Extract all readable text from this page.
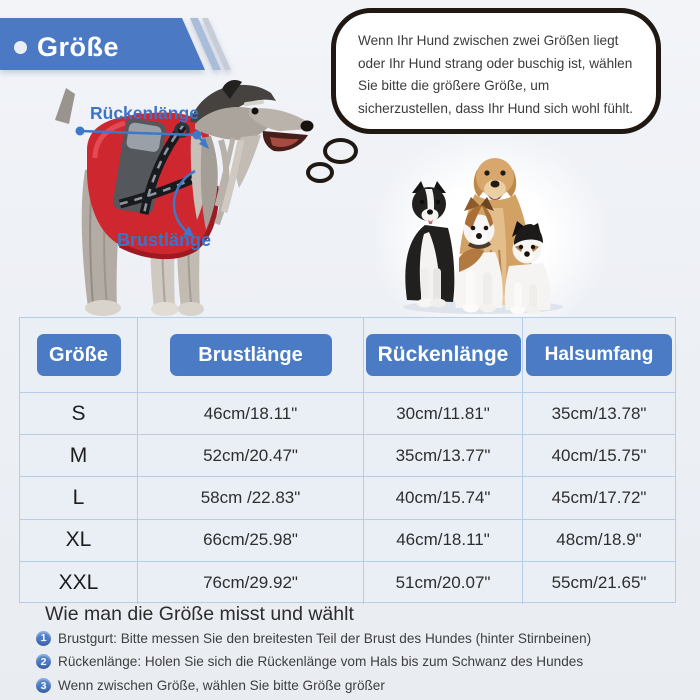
Größe	Wenn Ihr Hund zwischen zwei Größen liegt oder Ihr Hund strang oder buschig ist, wählen Sie bitte die größere Größe, um sicherzustellen, dass Ihr Hund sich wohl fühlt.
Rückenlänge
Brustlänge
Größe	Brustlänge	Rückenlänge	Halsumfang
S	46cm/18.11"	30cm/11.81"	35cm/13.78"
M	52cm/20.47"	35cm/13.77"	40cm/15.75"
L	58cm /22.83"	40cm/15.74"	45cm/17.72"
XL	66cm/25.98"	46cm/18.11"	48cm/18.9"
XXL	76cm/29.92"	51cm/20.07"	55cm/21.65"
Wie man die Größe misst und wählt
1 Brustgurt: Bitte messen Sie den breitesten Teil der Brust des Hundes (hinter Stirnbeinen)
2 Rückenlänge: Holen Sie sich die Rückenlänge vom Hals bis zum Schwanz des Hundes
3 Wenn zwischen Größe, wählen Sie bitte Größe größer
